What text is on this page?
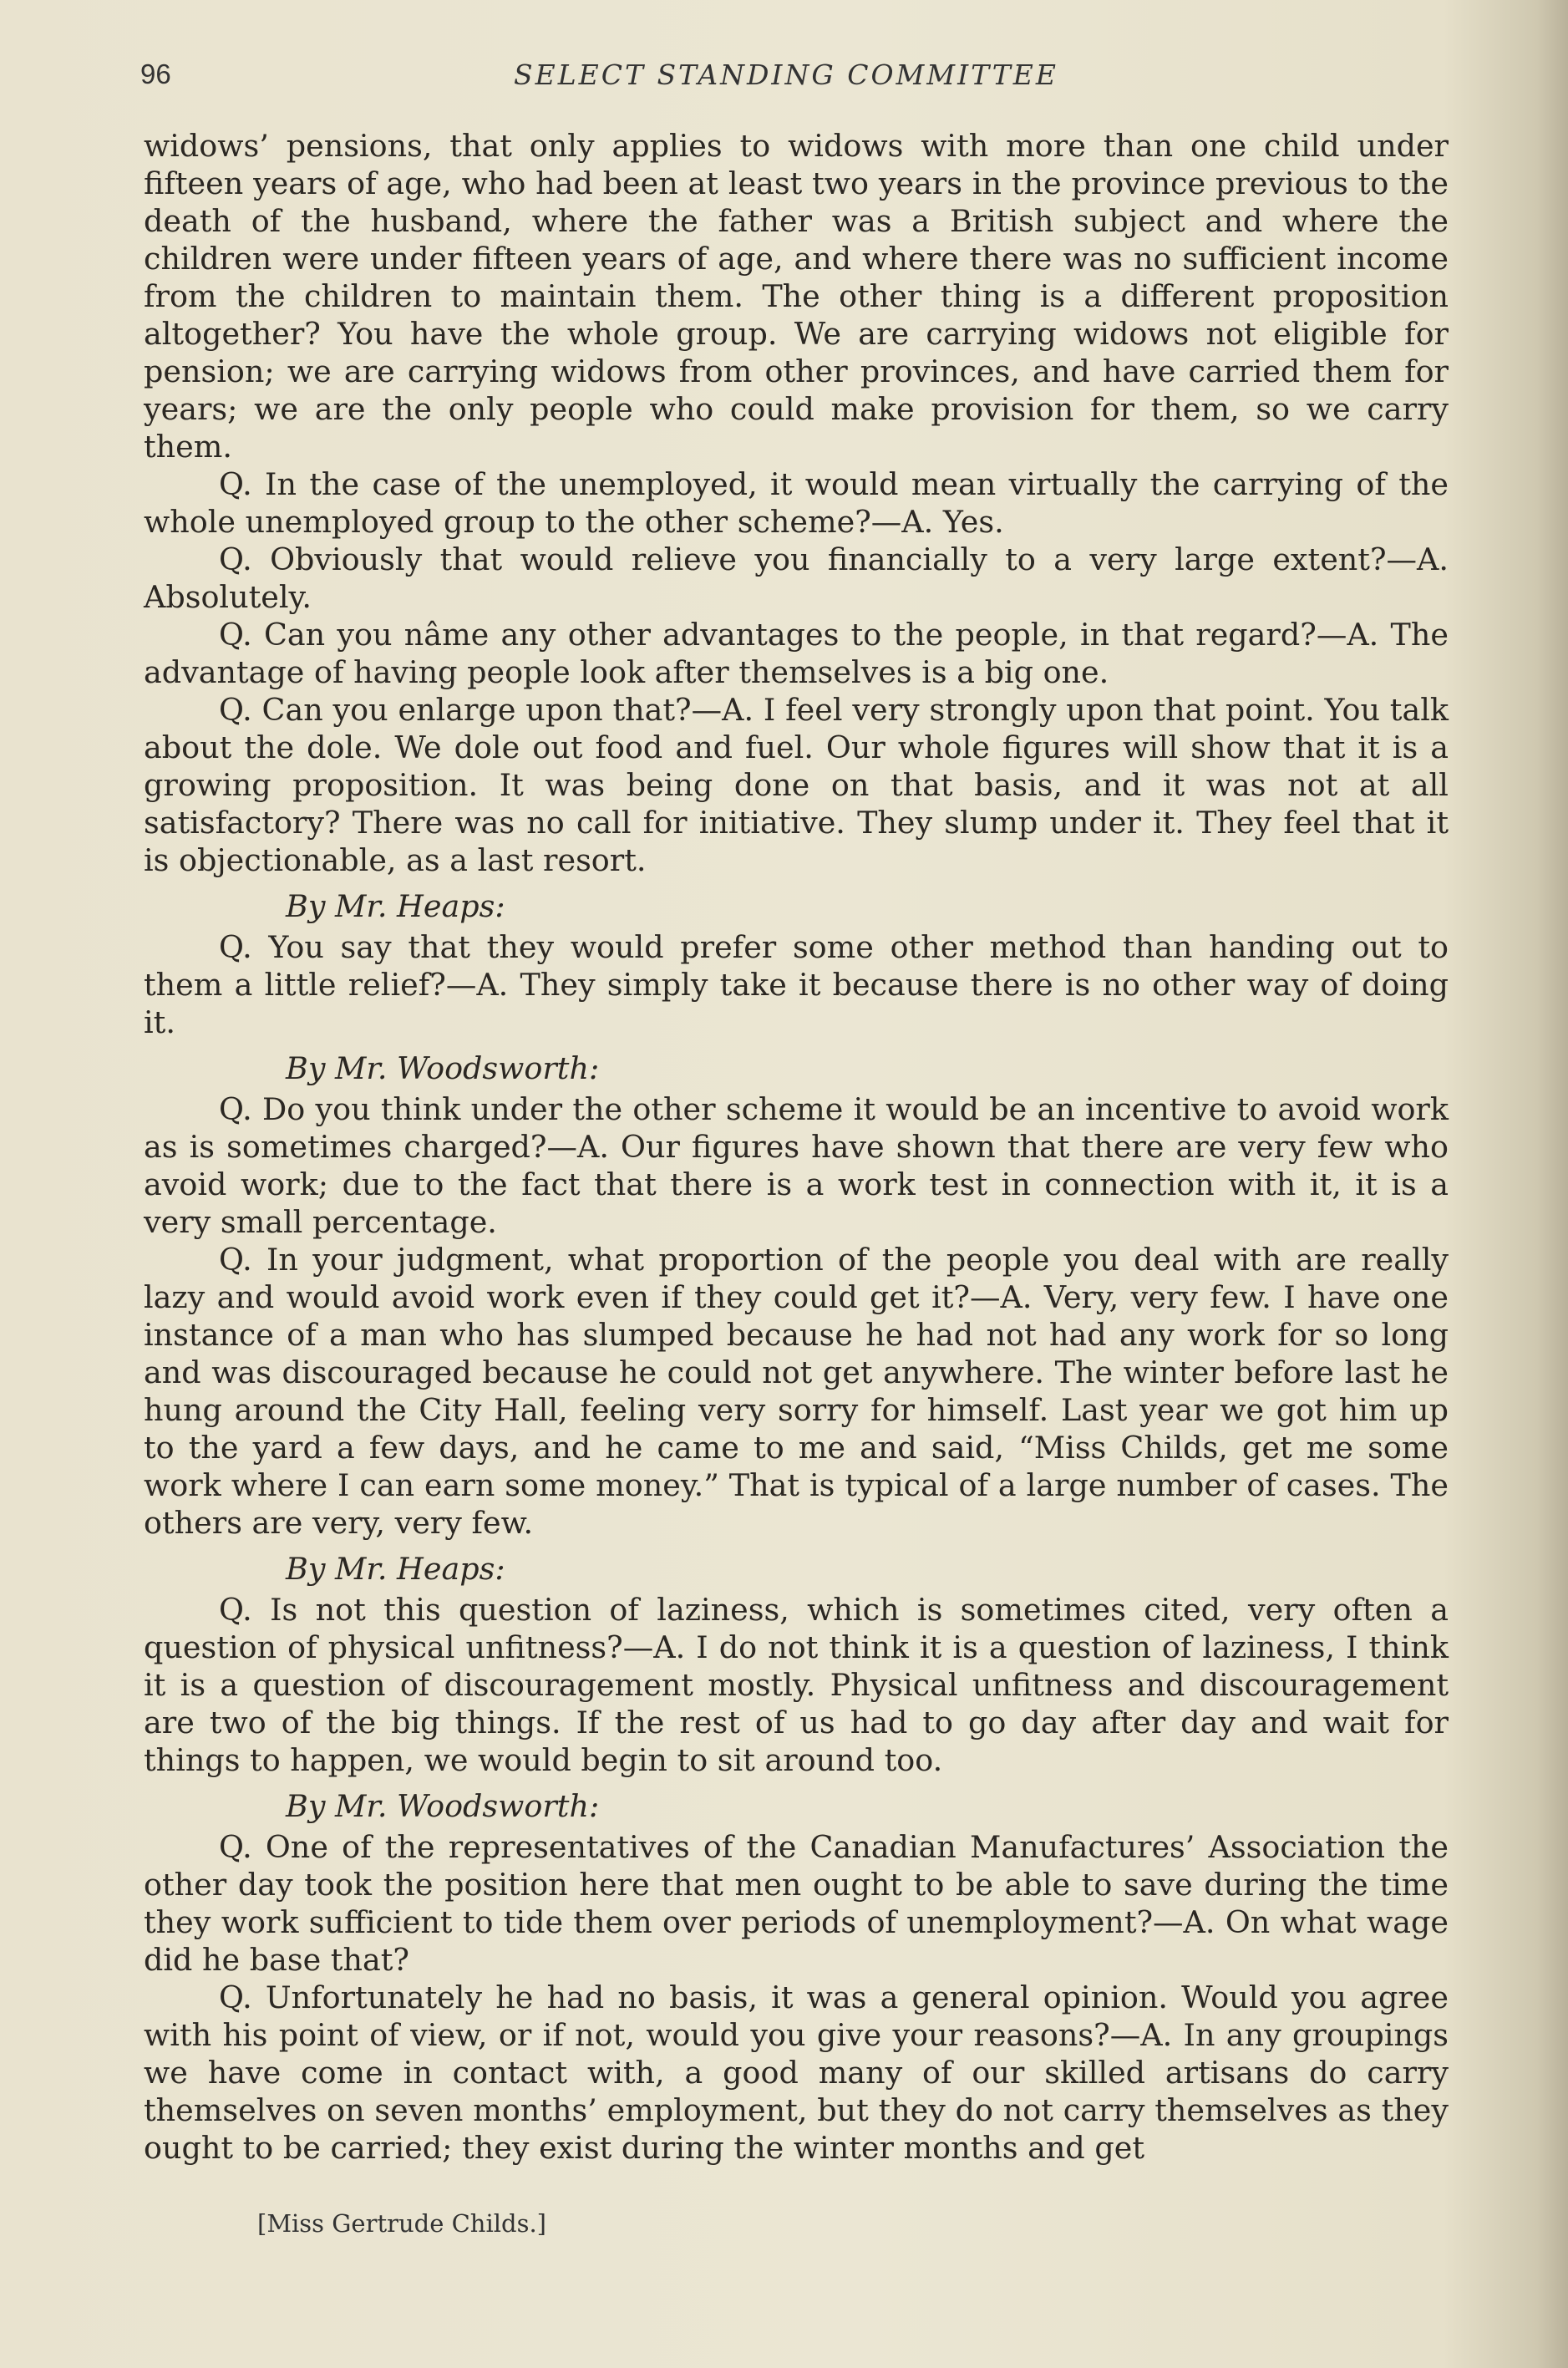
96	SELECT STANDING COMMITTEE

widows’ pensions, that only applies to widows with more than one child under fifteen years of age, who had been at least two years in the province previous to the death of the husband, where the father was a British subject and where the children were under fifteen years of age, and where there was no sufficient income from the children to maintain them. The other thing is a different proposition altogether? You have the whole group. We are carrying widows not eligible for pension; we are carrying widows from other provinces, and have carried them for years; we are the only people who could make provision for them, so we carry them.

Q. In the case of the unemployed, it would mean virtually the carrying of the whole unemployed group to the other scheme?—A. Yes.

Q. Obviously that would relieve you financially to a very large extent?—A. Absolutely.

Q. Can you nâme any other advantages to the people, in that regard?—A. The advantage of having people look after themselves is a big one.

Q. Can you enlarge upon that?—A. I feel very strongly upon that point. You talk about the dole. We dole out food and fuel. Our whole figures will show that it is a growing proposition. It was being done on that basis, and it was not at all satisfactory? There was no call for initiative. They slump under it. They feel that it is objectionable, as a last resort.

By Mr. Heaps:

Q. You say that they would prefer some other method than handing out to them a little relief?—A. They simply take it because there is no other way of doing it.

By Mr. Woodsworth:

Q. Do you think under the other scheme it would be an incentive to avoid work as is sometimes charged?—A. Our figures have shown that there are very few who avoid work; due to the fact that there is a work test in connection with it, it is a very small percentage.

Q. In your judgment, what proportion of the people you deal with are really lazy and would avoid work even if they could get it?—A. Very, very few. I have one instance of a man who has slumped because he had not had any work for so long and was discouraged because he could not get anywhere. The winter before last he hung around the City Hall, feeling very sorry for himself. Last year we got him up to the yard a few days, and he came to me and said, “Miss Childs, get me some work where I can earn some money.” That is typical of a large number of cases. The others are very, very few.

By Mr. Heaps:

Q. Is not this question of laziness, which is sometimes cited, very often a question of physical unfitness?—A. I do not think it is a question of laziness, I think it is a question of discouragement mostly. Physical unfitness and discouragement are two of the big things. If the rest of us had to go day after day and wait for things to happen, we would begin to sit around too.

By Mr. Woodsworth:

Q. One of the representatives of the Canadian Manufactures’ Association the other day took the position here that men ought to be able to save during the time they work sufficient to tide them over periods of unemployment?—A. On what wage did he base that?

Q. Unfortunately he had no basis, it was a general opinion. Would you agree with his point of view, or if not, would you give your reasons?—A. In any groupings we have come in contact with, a good many of our skilled artisans do carry themselves on seven months’ employment, but they do not carry themselves as they ought to be carried; they exist during the winter months and get

[Miss Gertrude Childs.]
